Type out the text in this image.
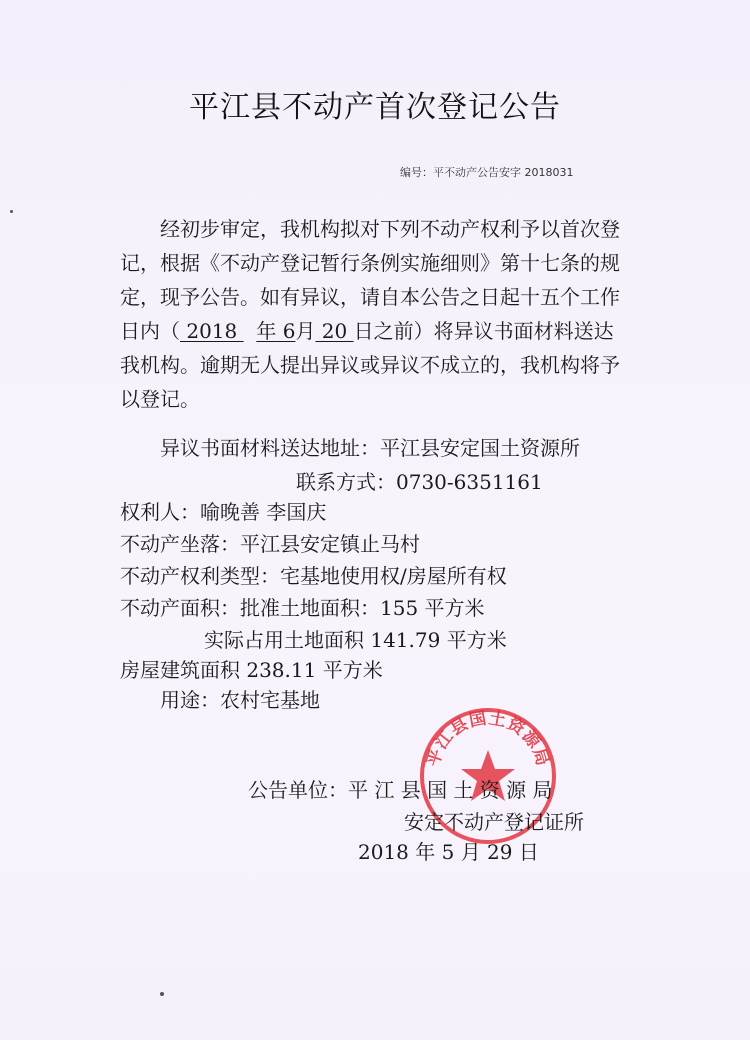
平江县不动产首次登记公告
编号：平不动产公告安字 2018031
经初步审定，我机构拟对下列不动产权利予以首次登记，根据《不动产登记暂行条例实施细则》第十七条的规定，现予公告。如有异议，请自本公告之日起十五个工作日内（ 2018   年 6月 20 日之前）将异议书面材料送达我机构。逾期无人提出异议或异议不成立的，我机构将予以登记。
异议书面材料送达地址：平江县安定国土资源所
联系方式：0730-6351161
权利人：喻晚善 李国庆
不动产坐落：平江县安定镇止马村
不动产权利类型：宅基地使用权/房屋所有权
不动产面积：批准土地面积：155 平方米
实际占用土地面积 141.79 平方米
房屋建筑面积 238.11 平方米
用途：农村宅基地
平江县国土资源局
公告单位：平 江 县 国 土 资 源 局
安定不动产登记证所
2018 年 5 月 29 日
